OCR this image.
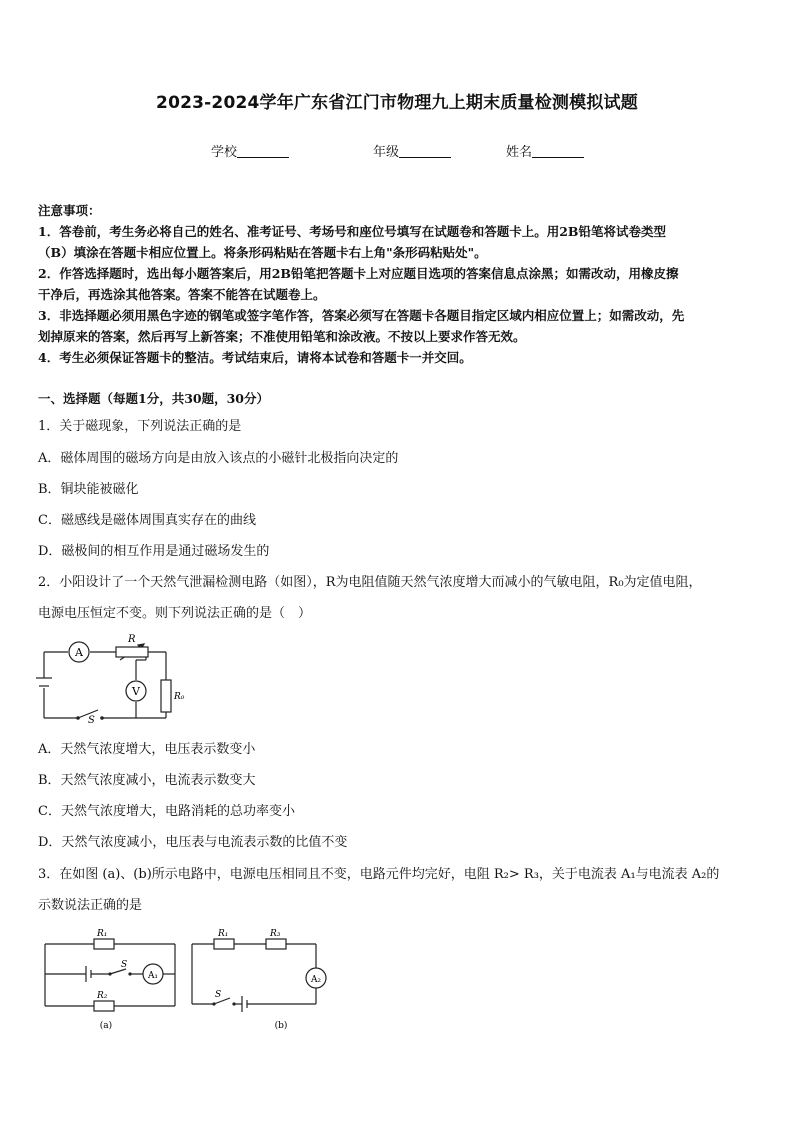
2023-2024学年广东省江门市物理九上期末质量检测模拟试题
学校	年级	姓名
注意事项：
1．答卷前，考生务必将自己的姓名、准考证号、考场号和座位号填写在试题卷和答题卡上。用2B铅笔将试卷类型
（B）填涂在答题卡相应位置上。将条形码粘贴在答题卡右上角"条形码粘贴处"。
2．作答选择题时，选出每小题答案后，用2B铅笔把答题卡上对应题目选项的答案信息点涂黑；如需改动，用橡皮擦
干净后，再选涂其他答案。答案不能答在试题卷上。
3．非选择题必须用黑色字迹的钢笔或签字笔作答，答案必须写在答题卡各题目指定区域内相应位置上；如需改动，先
划掉原来的答案，然后再写上新答案；不准使用铅笔和涂改液。不按以上要求作答无效。
4．考生必须保证答题卡的整洁。考试结束后，请将本试卷和答题卡一并交回。
一、选择题（每题1分，共30题，30分）
1．关于磁现象，下列说法正确的是
A．磁体周围的磁场方向是由放入该点的小磁针北极指向决定的
B．铜块能被磁化
C．磁感线是磁体周围真实存在的曲线
D．磁极间的相互作用是通过磁场发生的
2．小阳设计了一个天然气泄漏检测电路（如图），R为电阻值随天然气浓度增大而减小的气敏电阻，R₀为定值电阻，
电源电压恒定不变。则下列说法正确的是（　）
A
R
V	R₀
S
A．天然气浓度增大，电压表示数变小
B．天然气浓度减小，电流表示数变大
C．天然气浓度增大，电路消耗的总功率变小
D．天然气浓度减小，电压表与电流表示数的比值不变
3．在如图 (a)、(b)所示电路中，电源电压相同且不变，电路元件均完好，电阻 R₂> R₃，关于电流表 A₁与电流表 A₂的
示数说法正确的是
R₁
R₂
S
A₁
(a)
R₁	R₃
A₂
S
(b)
